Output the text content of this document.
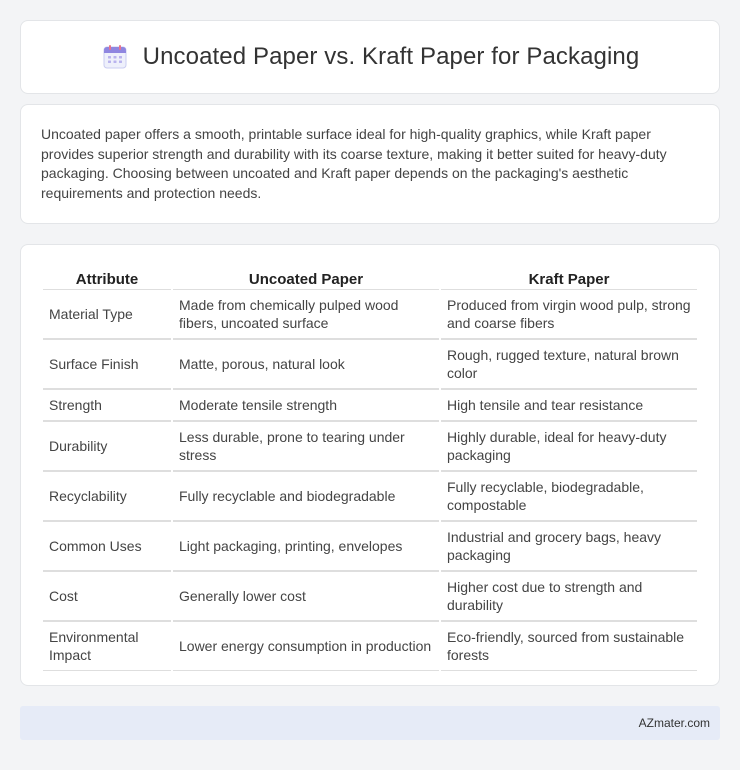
Uncoated Paper vs. Kraft Paper for Packaging

Uncoated paper offers a smooth, printable surface ideal for high-quality graphics, while Kraft paper provides superior strength and durability with its coarse texture, making it better suited for heavy-duty packaging. Choosing between uncoated and Kraft paper depends on the packaging's aesthetic requirements and protection needs.

Attribute	Uncoated Paper	Kraft Paper
Material Type	Made from chemically pulped wood fibers, uncoated surface	Produced from virgin wood pulp, strong and coarse fibers
Surface Finish	Matte, porous, natural look	Rough, rugged texture, natural brown color
Strength	Moderate tensile strength	High tensile and tear resistance
Durability	Less durable, prone to tearing under stress	Highly durable, ideal for heavy-duty packaging
Recyclability	Fully recyclable and biodegradable	Fully recyclable, biodegradable, compostable
Common Uses	Light packaging, printing, envelopes	Industrial and grocery bags, heavy packaging
Cost	Generally lower cost	Higher cost due to strength and durability
Environmental Impact	Lower energy consumption in production	Eco-friendly, sourced from sustainable forests
AZmater.com
